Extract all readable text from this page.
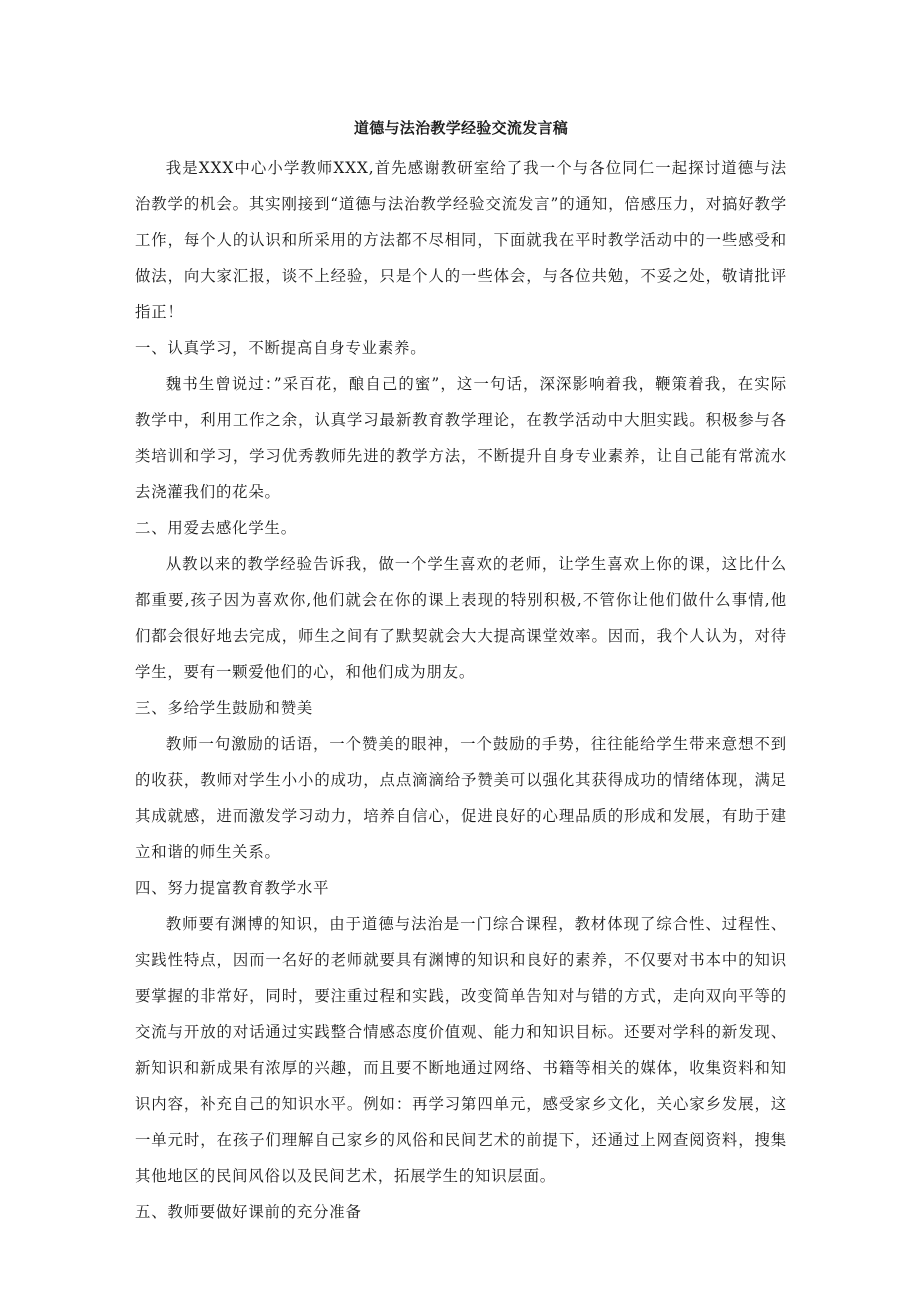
道德与法治教学经验交流发言稿

我是XXX中心小学教师XXX,首先感谢教研室给了我一个与各位同仁一起探讨道德与法治教学的机会。其实刚接到“道德与法治教学经验交流发言”的通知，倍感压力，对搞好教学工作，每个人的认识和所采用的方法都不尽相同，下面就我在平时教学活动中的一些感受和做法，向大家汇报，谈不上经验，只是个人的一些体会，与各位共勉，不妥之处，敬请批评指正！

一、认真学习，不断提高自身专业素养。

魏书生曾说过：”采百花，酿自己的蜜”，这一句话，深深影响着我，鞭策着我，在实际教学中，利用工作之余，认真学习最新教育教学理论，在教学活动中大胆实践。积极参与各类培训和学习，学习优秀教师先进的教学方法，不断提升自身专业素养，让自己能有常流水去浇灌我们的花朵。

二、用爱去感化学生。

从教以来的教学经验告诉我，做一个学生喜欢的老师，让学生喜欢上你的课，这比什么都重要,孩子因为喜欢你,他们就会在你的课上表现的特别积极,不管你让他们做什么事情,他们都会很好地去完成，师生之间有了默契就会大大提高课堂效率。因而，我个人认为，对待学生，要有一颗爱他们的心，和他们成为朋友。

三、多给学生鼓励和赞美

教师一句激励的话语，一个赞美的眼神，一个鼓励的手势，往往能给学生带来意想不到的收获，教师对学生小小的成功，点点滴滴给予赞美可以强化其获得成功的情绪体现，满足其成就感，进而激发学习动力，培养自信心，促进良好的心理品质的形成和发展，有助于建立和谐的师生关系。

四、努力提富教育教学水平

教师要有渊博的知识，由于道德与法治是一门综合课程，教材体现了综合性、过程性、实践性特点，因而一名好的老师就要具有渊博的知识和良好的素养，不仅要对书本中的知识要掌握的非常好，同时，要注重过程和实践，改变简单告知对与错的方式，走向双向平等的交流与开放的对话通过实践整合情感态度价值观、能力和知识目标。还要对学科的新发现、新知识和新成果有浓厚的兴趣，而且要不断地通过网络、书籍等相关的媒体，收集资料和知识内容，补充自己的知识水平。例如：再学习第四单元，感受家乡文化，关心家乡发展，这一单元时，在孩子们理解自己家乡的风俗和民间艺术的前提下，还通过上网查阅资料，搜集其他地区的民间风俗以及民间艺术，拓展学生的知识层面。

五、教师要做好课前的充分准备
